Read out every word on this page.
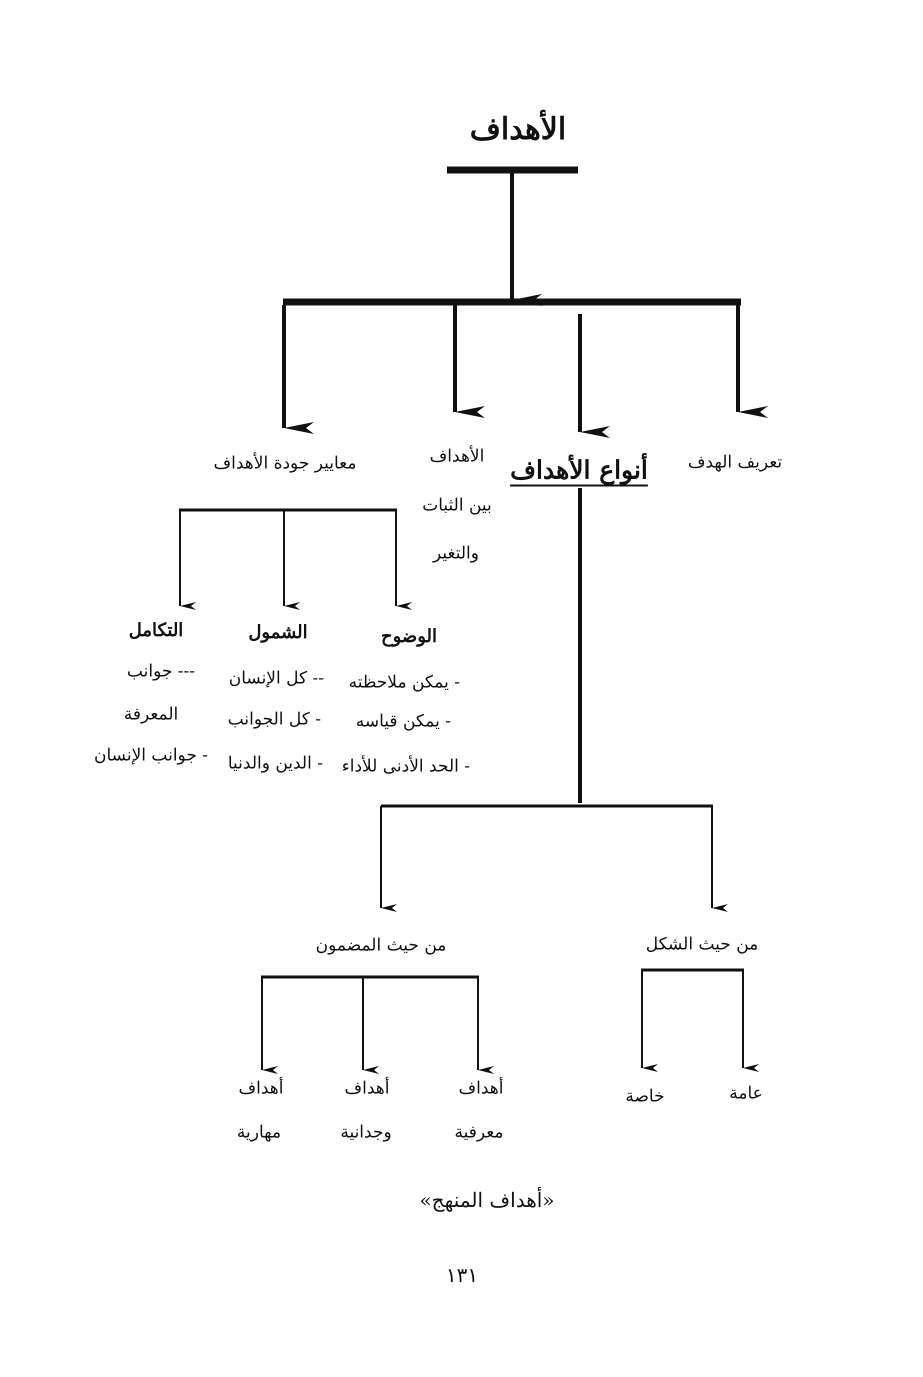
الأهداف
تعريف الهدف
أنواع الأهداف
الأهداف
بين الثبات
والتغير
معايير جودة الأهداف
الوضوح
- يمكن ملاحظته
- يمكن قياسه
- الحد الأدنى للأداء
الشمول
-- كل الإنسان
- كل الجوانب
- الدين والدنيا
التكامل
--- جوانب
المعرفة
- جوانب الإنسان
من حيث الشكل
عامة
خاصة
من حيث المضمون
أهداف
معرفية
أهداف
وجدانية
أهداف
مهارية
«أهداف المنهج»
١٣١
